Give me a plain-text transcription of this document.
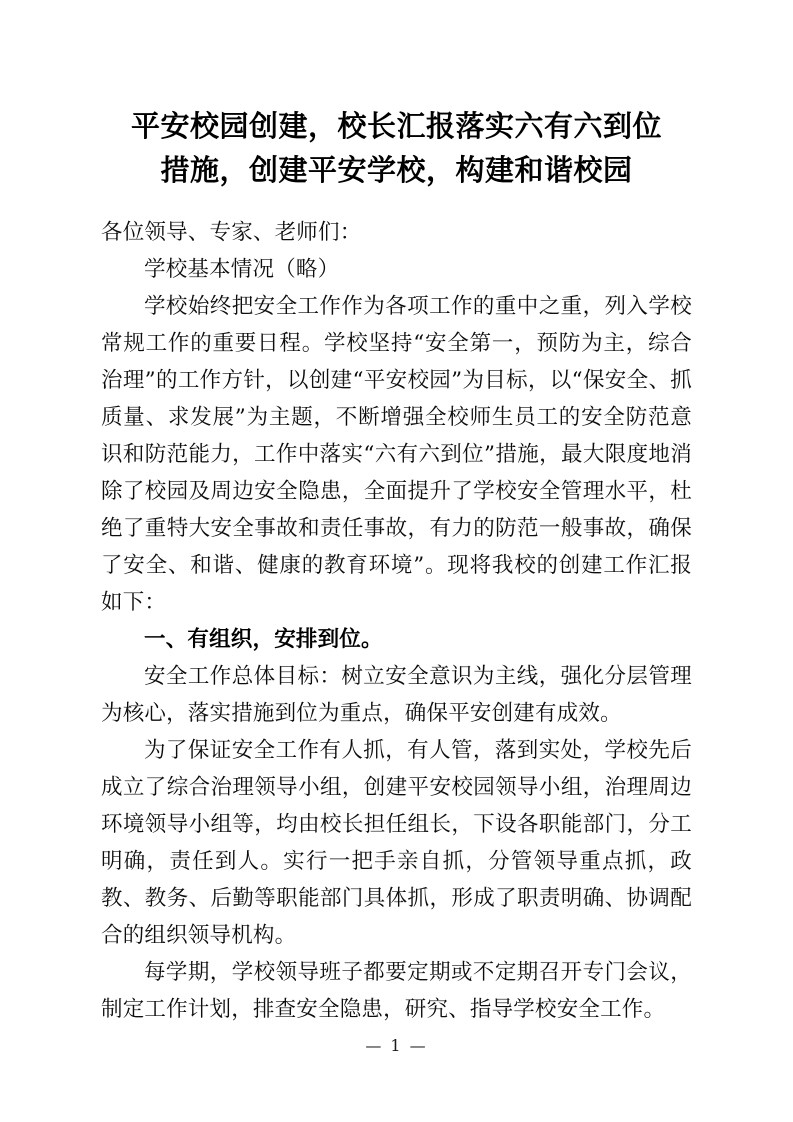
平安校园创建，校长汇报落实六有六到位
措施，创建平安学校，构建和谐校园

各位领导、专家、老师们：

学校基本情况（略）

学校始终把安全工作作为各项工作的重中之重，列入学校常规工作的重要日程。学校坚持“安全第一，预防为主，综合治理”的工作方针，以创建“平安校园”为目标，以“保安全、抓质量、求发展”为主题，不断增强全校师生员工的安全防范意识和防范能力，工作中落实“六有六到位”措施，最大限度地消除了校园及周边安全隐患，全面提升了学校安全管理水平，杜绝了重特大安全事故和责任事故，有力的防范一般事故，确保了安全、和谐、健康的教育环境”。现将我校的创建工作汇报如下：

一、有组织，安排到位。

安全工作总体目标：树立安全意识为主线，强化分层管理为核心，落实措施到位为重点，确保平安创建有成效。

为了保证安全工作有人抓，有人管，落到实处，学校先后成立了综合治理领导小组，创建平安校园领导小组，治理周边环境领导小组等，均由校长担任组长，下设各职能部门，分工明确，责任到人。实行一把手亲自抓，分管领导重点抓，政教、教务、后勤等职能部门具体抓，形成了职责明确、协调配合的组织领导机构。

每学期，学校领导班子都要定期或不定期召开专门会议，制定工作计划，排查安全隐患，研究、指导学校安全工作。

— 1 —
